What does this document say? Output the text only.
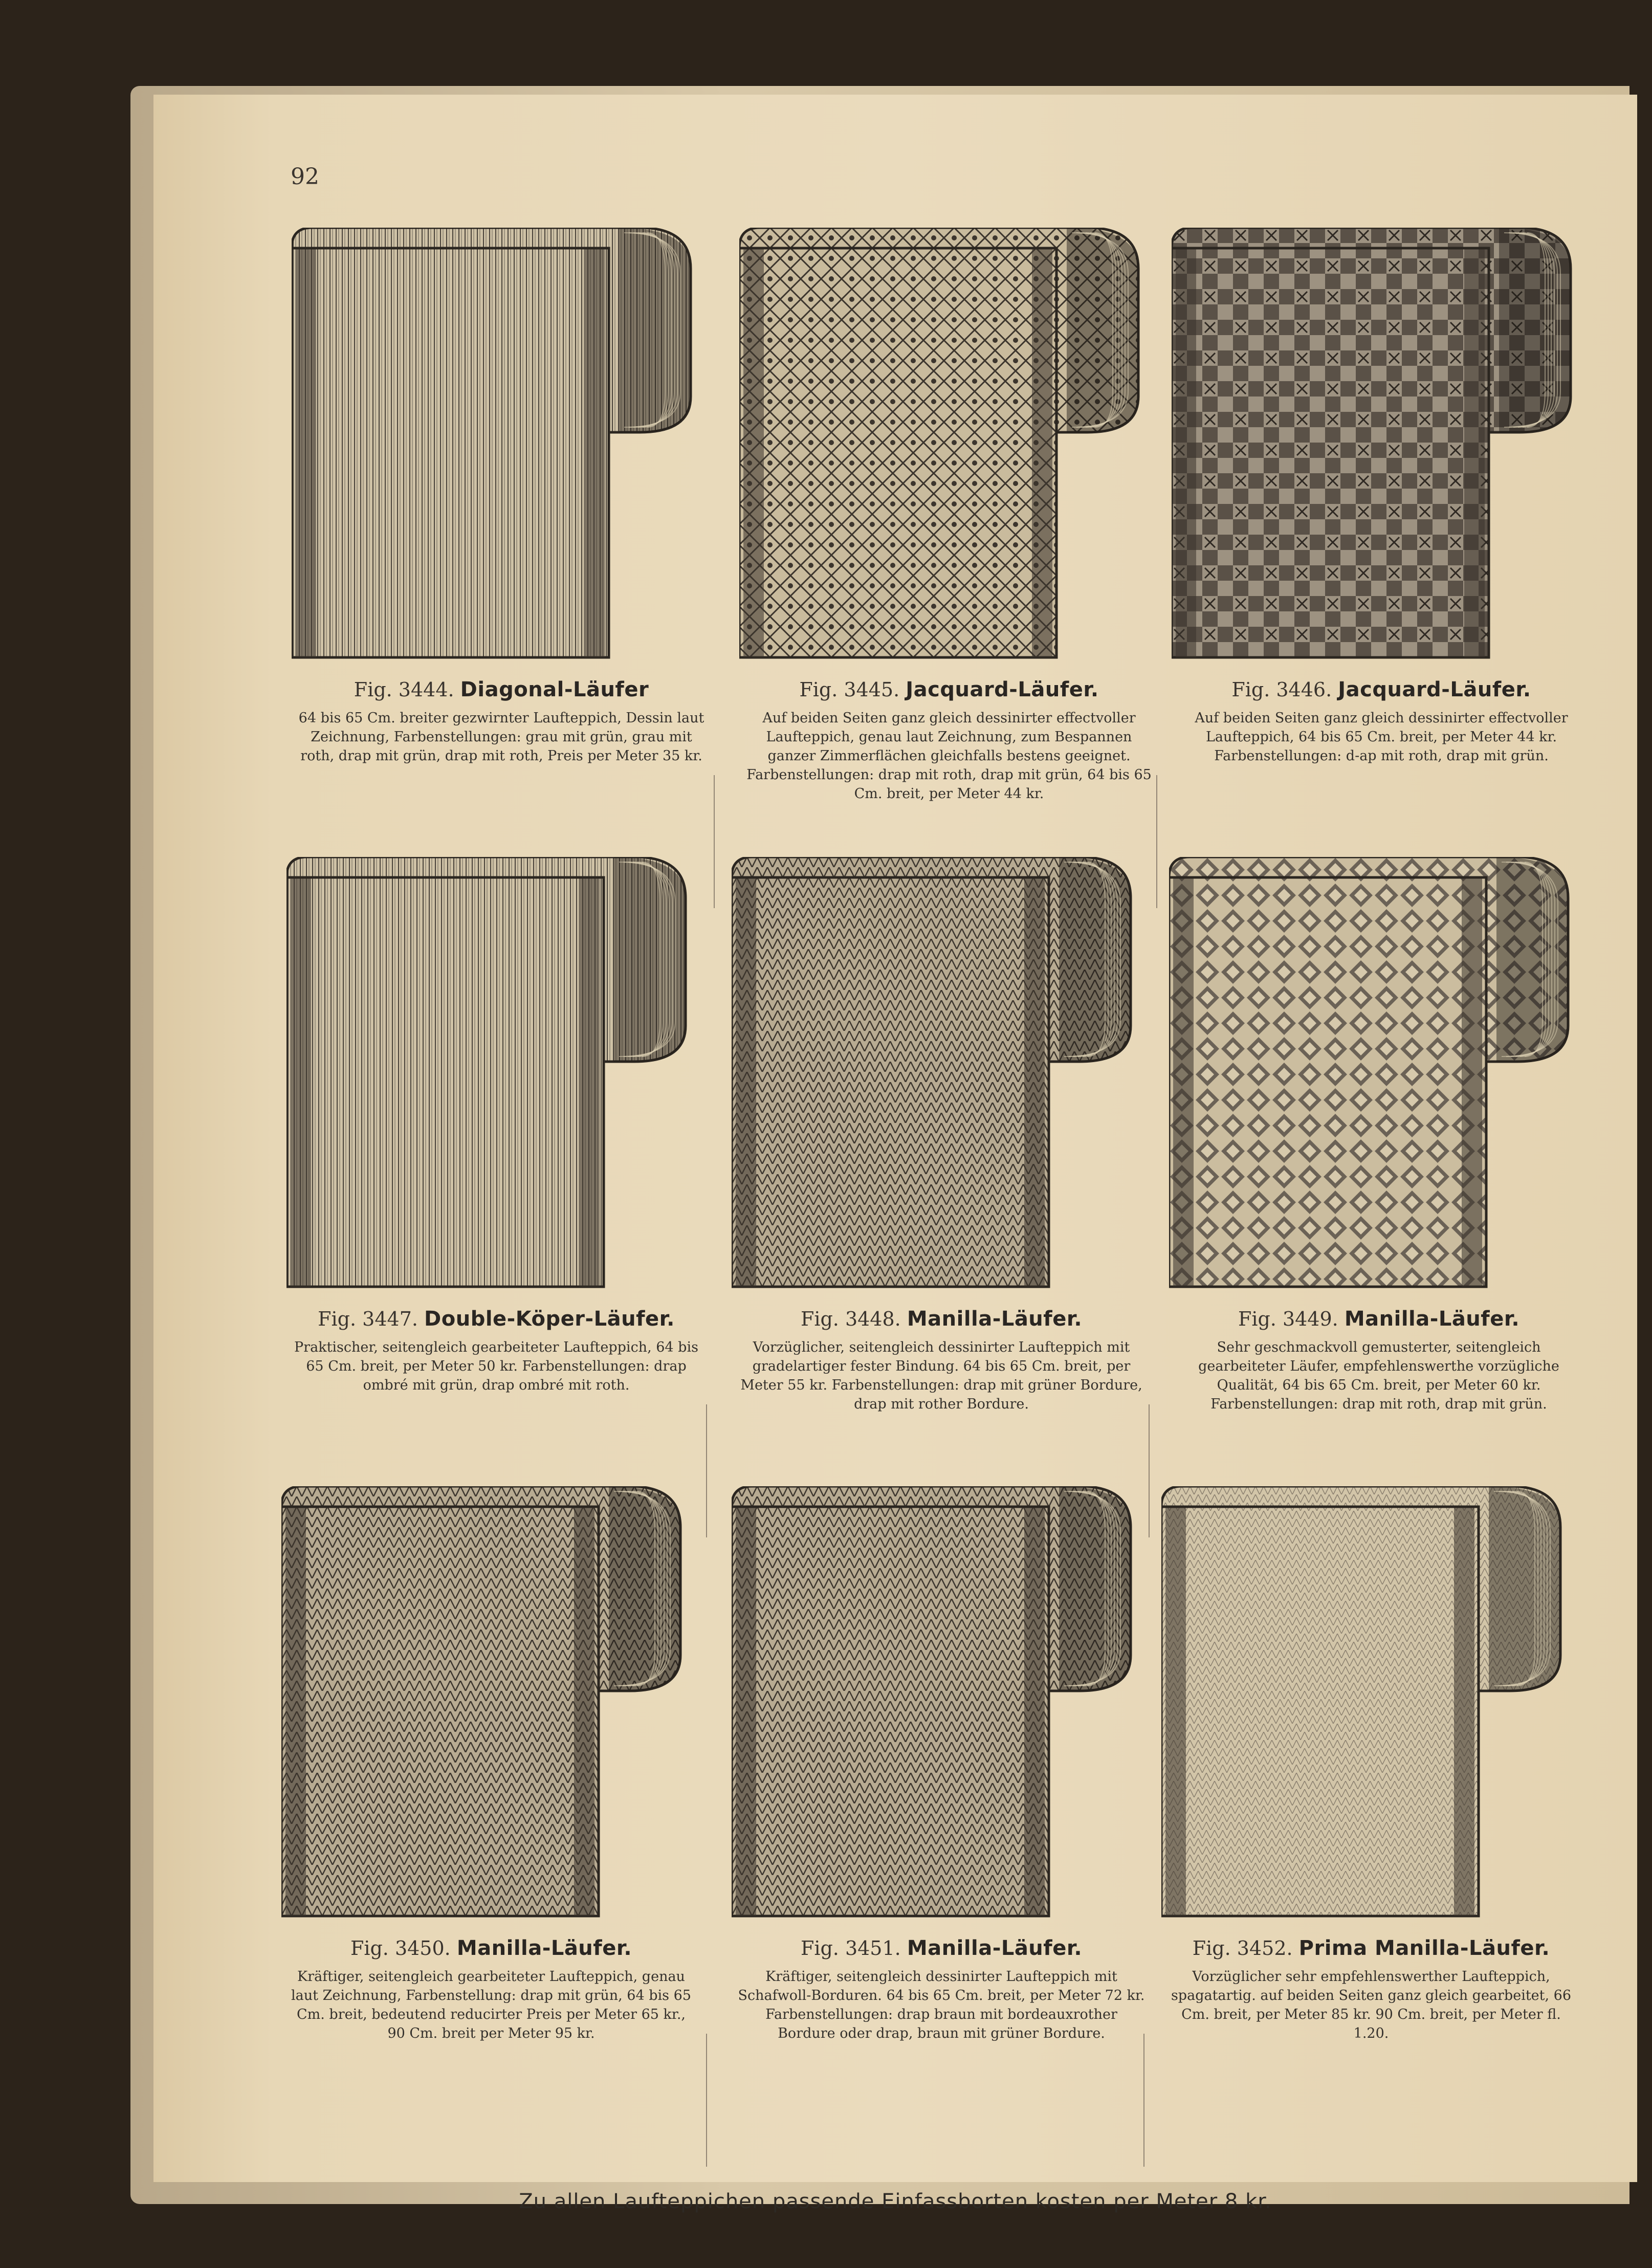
92
Fig. 3444. Diagonal-Läufer
64 bis 65 Cm. breiter gezwirnter Laufteppich, Dessin laut Zeichnung, Farbenstellungen: grau mit grün, grau mit roth, drap mit grün, drap mit roth, Preis per Meter 35 kr.
Fig. 3445. Jacquard-Läufer.
Auf beiden Seiten ganz gleich dessinirter effectvoller Laufteppich, genau laut Zeichnung, zum Bespannen ganzer Zimmerflächen gleichfalls bestens geeignet. Farbenstellungen: drap mit roth, drap mit grün, 64 bis 65 Cm. breit, per Meter 44 kr.
Fig. 3446. Jacquard-Läufer.
Auf beiden Seiten ganz gleich dessinirter effectvoller Laufteppich, 64 bis 65 Cm. breit, per Meter 44 kr. Farbenstellungen: d-ap mit roth, drap mit grün.
Fig. 3447. Double-Köper-Läufer.
Praktischer, seitengleich gearbeiteter Laufteppich, 64 bis 65 Cm. breit, per Meter 50 kr. Farbenstellungen: drap ombré mit grün, drap ombré mit roth.
Fig. 3448. Manilla-Läufer.
Vorzüglicher, seitengleich dessinirter Laufteppich mit gradelartiger fester Bindung. 64 bis 65 Cm. breit, per Meter 55 kr. Farbenstellungen: drap mit grüner Bordure, drap mit rother Bordure.
Fig. 3449. Manilla-Läufer.
Sehr geschmackvoll gemusterter, seitengleich gearbeiteter Läufer, empfehlenswerthe vorzügliche Qualität, 64 bis 65 Cm. breit, per Meter 60 kr. Farbenstellungen: drap mit roth, drap mit grün.
Fig. 3450. Manilla-Läufer.
Kräftiger, seitengleich gearbeiteter Laufteppich, genau laut Zeichnung, Farbenstellung: drap mit grün, 64 bis 65 Cm. breit, bedeutend reducirter Preis per Meter 65 kr., 90 Cm. breit per Meter 95 kr.
Fig. 3451. Manilla-Läufer.
Kräftiger, seitengleich dessinirter Laufteppich mit Schafwoll-Borduren. 64 bis 65 Cm. breit, per Meter 72 kr. Farbenstellungen: drap braun mit bordeauxrother Bordure oder drap, braun mit grüner Bordure.
Fig. 3452. Prima Manilla-Läufer.
Vorzüglicher sehr empfehlenswerther Laufteppich, spagatartig. auf beiden Seiten ganz gleich gearbeitet, 66 Cm. breit, per Meter 85 kr. 90 Cm. breit, per Meter fl. 1.20.
Zu allen Laufteppichen passende Einfassborten kosten per Meter 8 kr.
